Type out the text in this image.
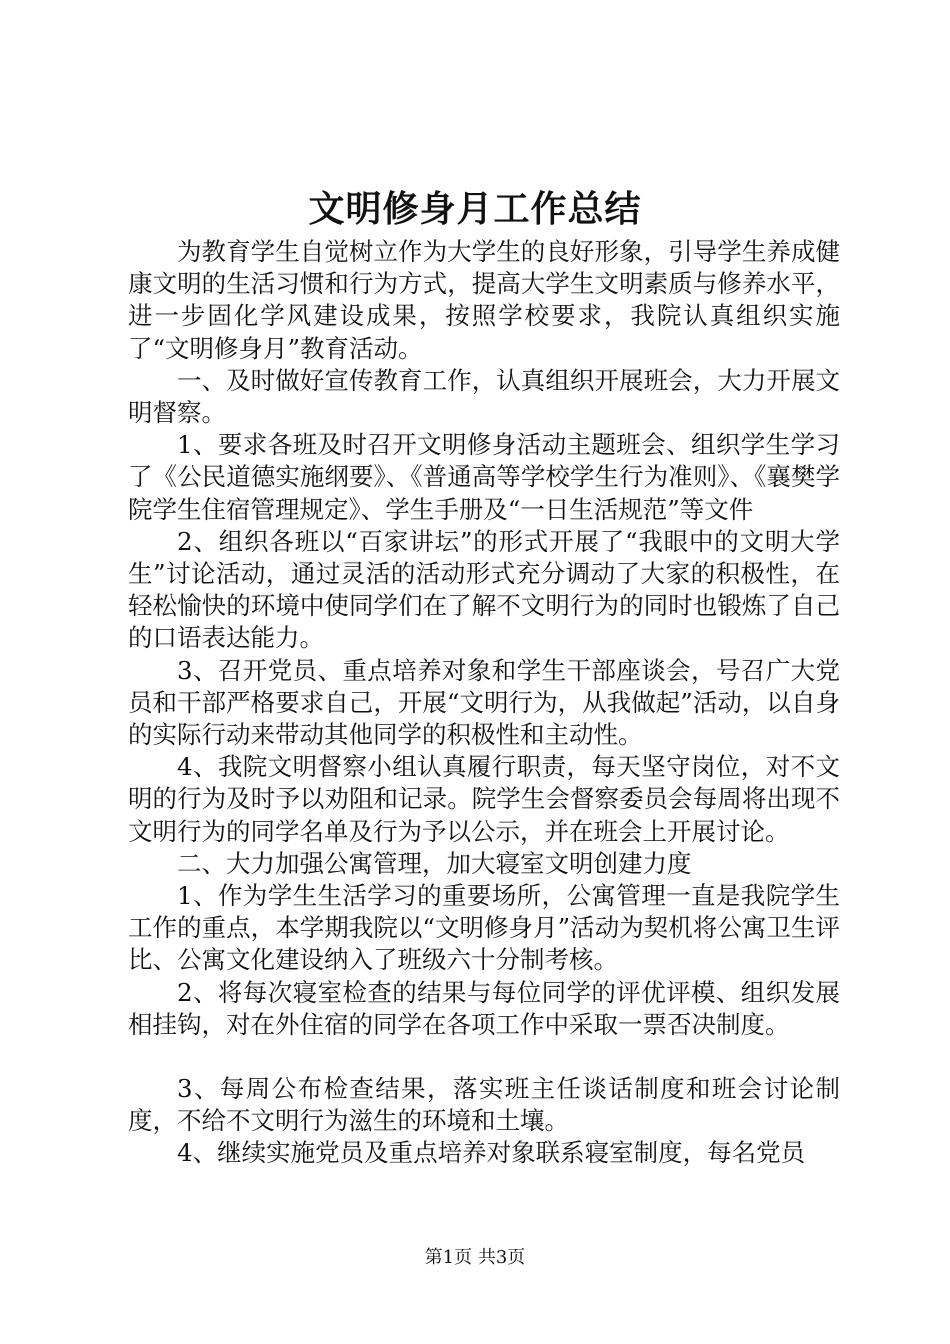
文明修身月工作总结

为教育学生自觉树立作为大学生的良好形象，引导学生养成健康文明的生活习惯和行为方式，提高大学生文明素质与修养水平，进一步固化学风建设成果，按照学校要求，我院认真组织实施了“文明修身月”教育活动。

一、及时做好宣传教育工作，认真组织开展班会，大力开展文明督察。

1、要求各班及时召开文明修身活动主题班会、组织学生学习了《公民道德实施纲要》、《普通高等学校学生行为准则》、《襄樊学院学生住宿管理规定》、学生手册及“一日生活规范”等文件

2、组织各班以“百家讲坛”的形式开展了“我眼中的文明大学生”讨论活动，通过灵活的活动形式充分调动了大家的积极性，在轻松愉快的环境中使同学们在了解不文明行为的同时也锻炼了自己的口语表达能力。

3、召开党员、重点培养对象和学生干部座谈会，号召广大党员和干部严格要求自己，开展“文明行为，从我做起”活动，以自身的实际行动来带动其他同学的积极性和主动性。

4、我院文明督察小组认真履行职责，每天坚守岗位，对不文明的行为及时予以劝阻和记录。院学生会督察委员会每周将出现不文明行为的同学名单及行为予以公示，并在班会上开展讨论。

二、大力加强公寓管理，加大寝室文明创建力度

1、作为学生生活学习的重要场所，公寓管理一直是我院学生工作的重点，本学期我院以“文明修身月”活动为契机将公寓卫生评比、公寓文化建设纳入了班级六十分制考核。

2、将每次寝室检查的结果与每位同学的评优评模、组织发展相挂钩，对在外住宿的同学在各项工作中采取一票否决制度。

3、每周公布检查结果，落实班主任谈话制度和班会讨论制度，不给不文明行为滋生的环境和土壤。

4、继续实施党员及重点培养对象联系寝室制度，每名党员

第1页 共3页
